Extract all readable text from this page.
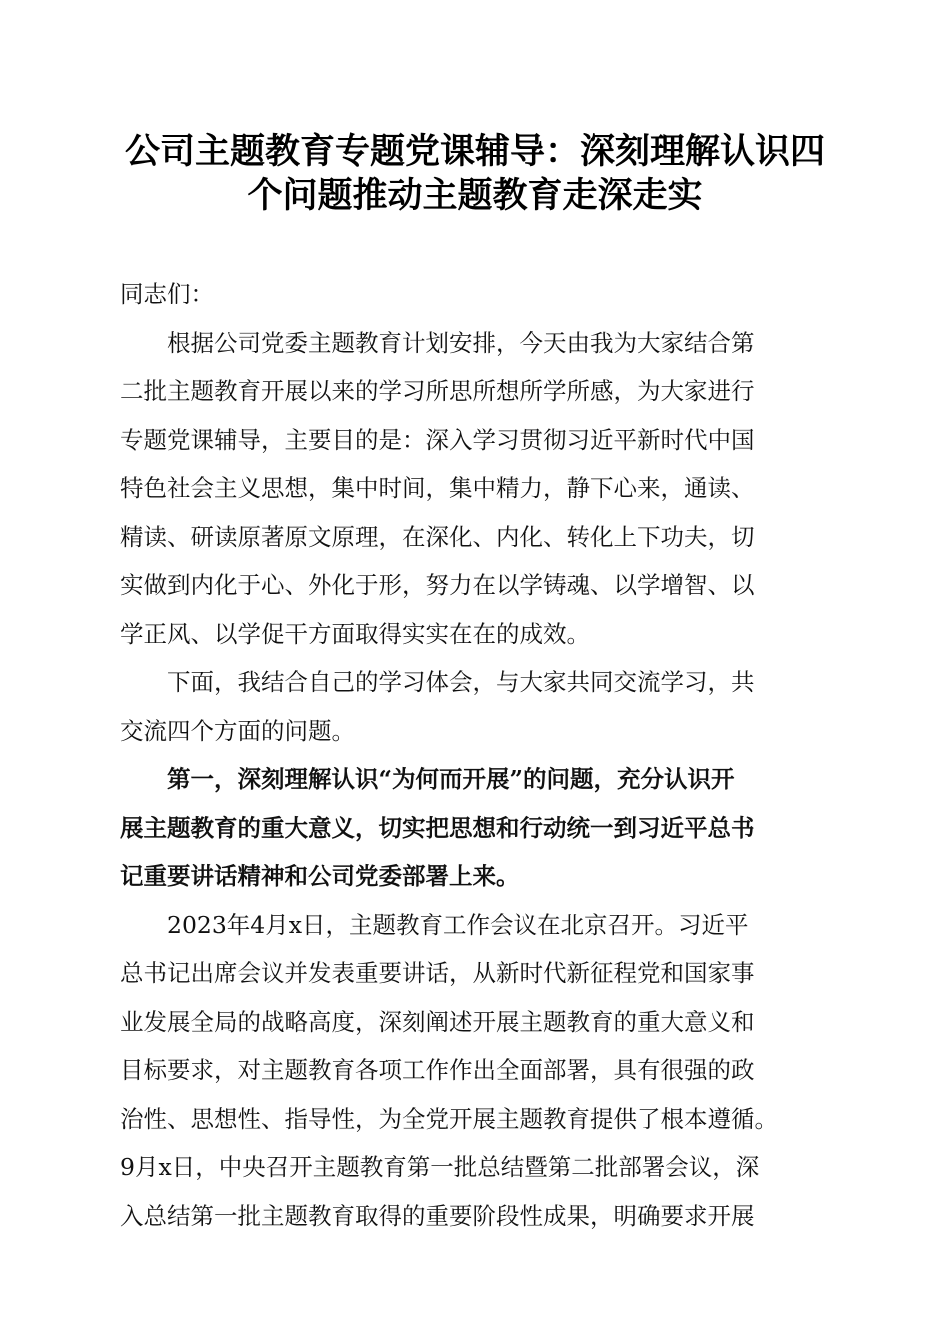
公司主题教育专题党课辅导：深刻理解认识四
个问题推动主题教育走深走实

同志们：

根据公司党委主题教育计划安排，今天由我为大家结合第
二批主题教育开展以来的学习所思所想所学所感，为大家进行
专题党课辅导，主要目的是：深入学习贯彻习近平新时代中国
特色社会主义思想，集中时间，集中精力，静下心来，通读、
精读、研读原著原文原理，在深化、内化、转化上下功夫，切
实做到内化于心、外化于形，努力在以学铸魂、以学增智、以
学正风、以学促干方面取得实实在在的成效。

下面，我结合自己的学习体会，与大家共同交流学习，共
交流四个方面的问题。

第一，深刻理解认识“为何而开展”的问题，充分认识开
展主题教育的重大意义，切实把思想和行动统一到习近平总书
记重要讲话精神和公司党委部署上来。

2023年4月x日，主题教育工作会议在北京召开。习近平
总书记出席会议并发表重要讲话，从新时代新征程党和国家事
业发展全局的战略高度，深刻阐述开展主题教育的重大意义和
目标要求，对主题教育各项工作作出全面部署，具有很强的政
治性、思想性、指导性，为全党开展主题教育提供了根本遵循。
9月x日，中央召开主题教育第一批总结暨第二批部署会议，深
入总结第一批主题教育取得的重要阶段性成果，明确要求开展
